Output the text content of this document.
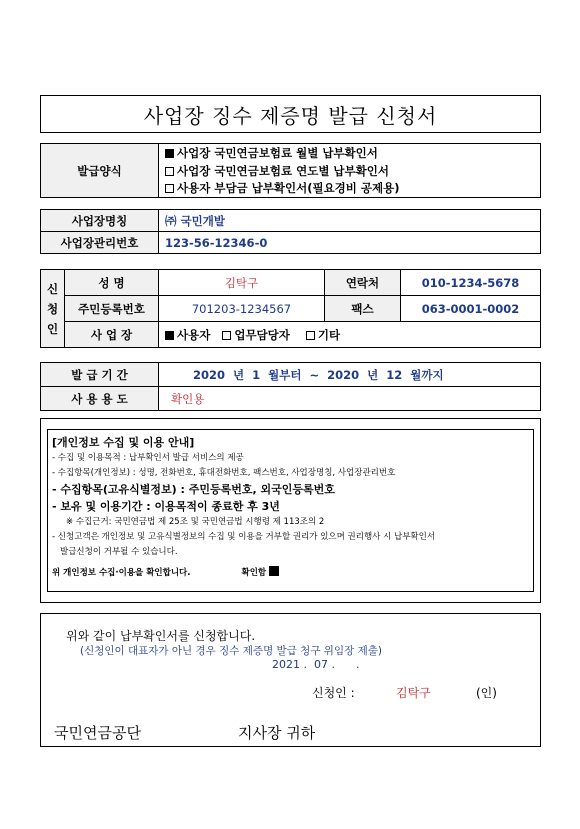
사업장 징수 제증명 발급 신청서
발급양식	사업장 국민연금보험료 월별 납부확인서
사업장 국민연금보험료 연도별 납부확인서
사용자 부담금 납부확인서(필요경비 공제용)
사업장명칭	㈜ 국민개발
사업장관리번호	123-56-12346-0
신
청
인	성 명	김탁구	연락처	010-1234-5678
	주민등록번호	701203-1234567	팩스	063-0001-0002
	사 업 장	사용자 업무담당자 기타		
발 급 기 간	2020 년 1 월부터 ~ 2020 년 12 월까지
사 용 용 도	확인용
[개인정보 수집 및 이용 안내]
- 수집 및 이용목적 : 납부확인서 발급 서비스의 제공
- 수집항목(개인정보) : 성명, 전화번호, 휴대전화번호, 팩스번호, 사업장명칭, 사업장관리번호
- 수집항목(고유식별정보) : 주민등록번호, 외국인등록번호
- 보유 및 이용기간 : 이용목적이 종료한 후 3년
※ 수집근거: 국민연금법 제 25조 및 국민연금법 시행령 제 113조의 2
- 신청고객은 개인정보 및 고유식별정보의 수집 및 이용을 거부할 권리가 있으며 권리행사 시 납부확인서
발급신청이 거부될 수 있습니다.
위 개인정보 수집·이용을 확인합니다.	확인함
위와 같이 납부확인서를 신청합니다.
(신청인이 대표자가 아닌 경우 징수 제증명 발급 청구 위임장 제출)
2021 .  07 .      .
신청인 :	김탁구	(인)
국민연금공단	지사장 귀하
